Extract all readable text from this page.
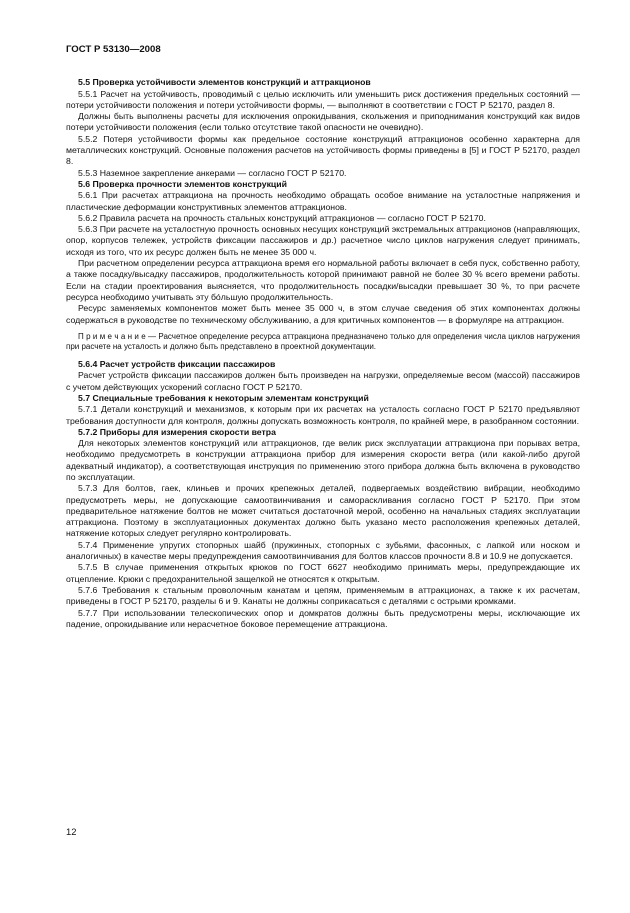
ГОСТ Р 53130—2008

5.5 Проверка устойчивости элементов конструкций и аттракционов

5.5.1 Расчет на устойчивость, проводимый с целью исключить или уменьшить риск достижения предельных состояний — потери устойчивости положения и потери устойчивости формы, — выполняют в соответствии с ГОСТ Р 52170, раздел 8.

Должны быть выполнены расчеты для исключения опрокидывания, скольжения и приподнимания конструкций как видов потери устойчивости положения (если только отсутствие такой опасности не очевидно).

5.5.2 Потеря устойчивости формы как предельное состояние конструкций аттракционов особенно характерна для металлических конструкций. Основные положения расчетов на устойчивость формы приведены в [5] и ГОСТ Р 52170, раздел 8.

5.5.3 Наземное закрепление анкерами — согласно ГОСТ Р 52170.

5.6 Проверка прочности элементов конструкций

5.6.1 При расчетах аттракциона на прочность необходимо обращать особое внимание на усталостные напряжения и пластические деформации конструктивных элементов аттракционов.

5.6.2 Правила расчета на прочность стальных конструкций аттракционов — согласно ГОСТ Р 52170.

5.6.3 При расчете на усталостную прочность основных несущих конструкций экстремальных аттракционов (направляющих, опор, корпусов тележек, устройств фиксации пассажиров и др.) расчетное число циклов нагружения следует принимать, исходя из того, что их ресурс должен быть не менее 35 000 ч.

При расчетном определении ресурса аттракциона время его нормальной работы включает в себя пуск, собственно работу, а также посадку/высадку пассажиров, продолжительность которой принимают равной не более 30 % всего времени работы. Если на стадии проектирования выясняется, что продолжительность посадки/высадки превышает 30 %, то при расчете ресурса необходимо учитывать эту бóльшую продолжительность.

Ресурс заменяемых компонентов может быть менее 35 000 ч, в этом случае сведения об этих компонентах должны содержаться в руководстве по техническому обслуживанию, а для критичных компонентов — в формуляре на аттракцион.

П р и м е ч а н и е — Расчетное определение ресурса аттракциона предназначено только для определения числа циклов нагружения при расчете на усталость и должно быть представлено в проектной документации.

5.6.4 Расчет устройств фиксации пассажиров

Расчет устройств фиксации пассажиров должен быть произведен на нагрузки, определяемые весом (массой) пассажиров с учетом действующих ускорений согласно ГОСТ Р 52170.

5.7 Специальные требования к некоторым элементам конструкций

5.7.1 Детали конструкций и механизмов, к которым при их расчетах на усталость согласно ГОСТ Р 52170 предъявляют требования доступности для контроля, должны допускать возможность контроля, по крайней мере, в разобранном состоянии.

5.7.2 Приборы для измерения скорости ветра

Для некоторых элементов конструкций или аттракционов, где велик риск эксплуатации аттракциона при порывах ветра, необходимо предусмотреть в конструкции аттракциона прибор для измерения скорости ветра (или какой-либо другой адекватный индикатор), а соответствующая инструкция по применению этого прибора должна быть включена в руководство по эксплуатации.

5.7.3 Для болтов, гаек, клиньев и прочих крепежных деталей, подвергаемых воздействию вибрации, необходимо предусмотреть меры, не допускающие самоотвинчивания и самораскливания согласно ГОСТ Р 52170. При этом предварительное натяжение болтов не может считаться достаточной мерой, особенно на начальных стадиях эксплуатации аттракциона. Поэтому в эксплуатационных документах должно быть указано место расположения крепежных деталей, натяжение которых следует регулярно контролировать.

5.7.4 Применение упругих стопорных шайб (пружинных, стопорных с зубьями, фасонных, с лапкой или носком и аналогичных) в качестве меры предупреждения самоотвинчивания для болтов классов прочности 8.8 и 10.9 не допускается.

5.7.5 В случае применения открытых крюков по ГОСТ 6627 необходимо принимать меры, предупреждающие их отцепление. Крюки с предохранительной защелкой не относятся к открытым.

5.7.6 Требования к стальным проволочным канатам и цепям, применяемым в аттракционах, а также к их расчетам, приведены в ГОСТ Р 52170, разделы 6 и 9. Канаты не должны соприкасаться с деталями с острыми кромками.

5.7.7 При использовании телескопических опор и домкратов должны быть предусмотрены меры, исключающие их падение, опрокидывание или нерасчетное боковое перемещение аттракциона.

12
